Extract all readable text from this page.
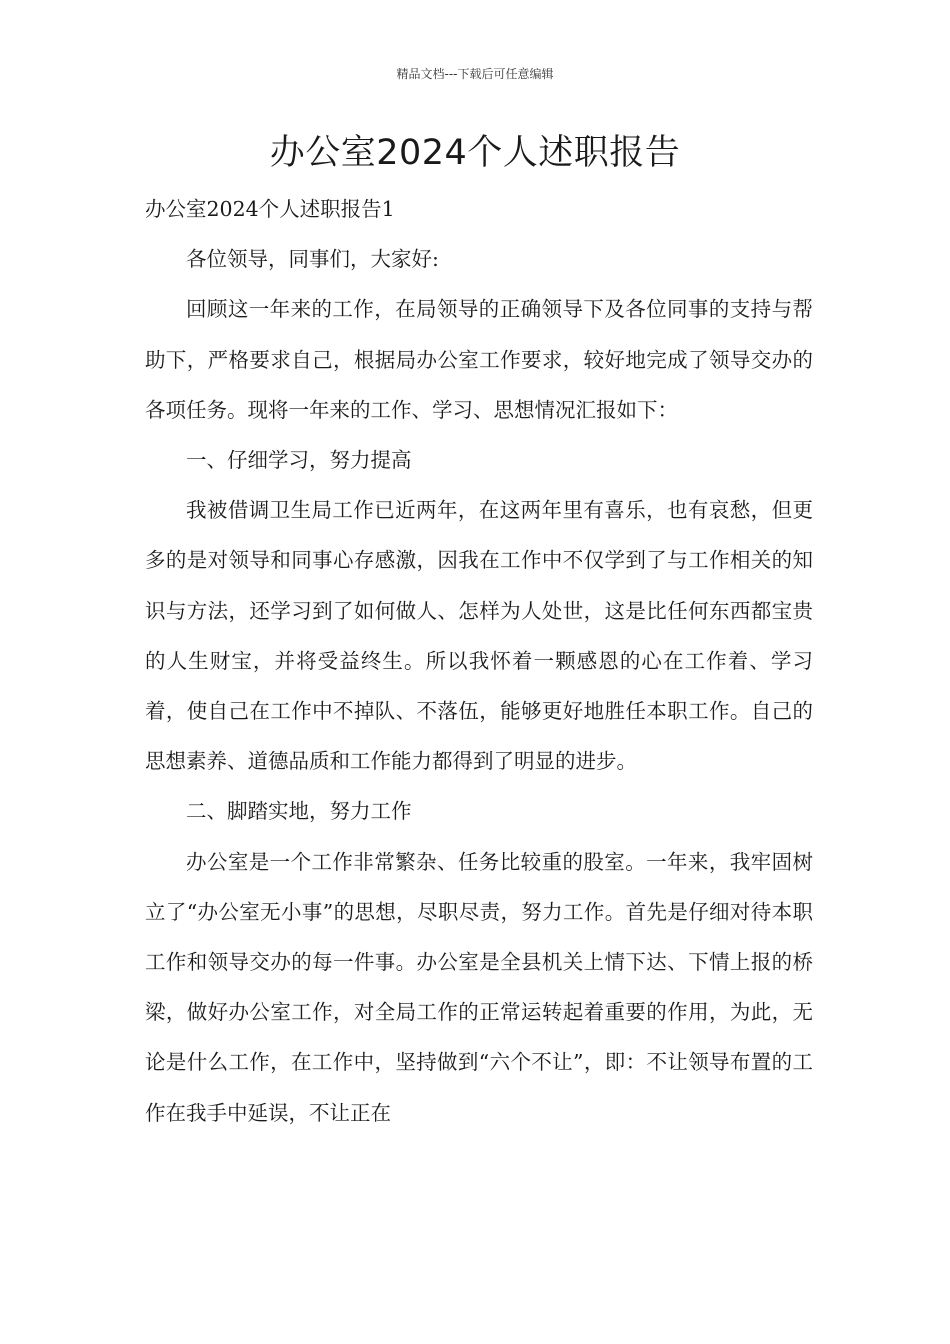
精品文档---下载后可任意编辑
办公室2024个人述职报告

办公室2024个人述职报告1

各位领导，同事们，大家好:

回顾这一年来的工作，在局领导的正确领导下及各位同事的支持与帮助下，严格要求自己，根据局办公室工作要求，较好地完成了领导交办的各项任务。现将一年来的工作、学习、思想情况汇报如下：

一、仔细学习，努力提高

我被借调卫生局工作已近两年，在这两年里有喜乐，也有哀愁，但更多的是对领导和同事心存感激，因我在工作中不仅学到了与工作相关的知识与方法，还学习到了如何做人、怎样为人处世，这是比任何东西都宝贵的人生财宝，并将受益终生。所以我怀着一颗感恩的心在工作着、学习着，使自己在工作中不掉队、不落伍，能够更好地胜任本职工作。自己的思想素养、道德品质和工作能力都得到了明显的进步。

二、脚踏实地，努力工作

办公室是一个工作非常繁杂、任务比较重的股室。一年来，我牢固树立了“办公室无小事”的思想，尽职尽责，努力工作。首先是仔细对待本职工作和领导交办的每一件事。办公室是全县机关上情下达、下情上报的桥梁，做好办公室工作，对全局工作的正常运转起着重要的作用，为此，无论是什么工作，在工作中，坚持做到“六个不让”，即：不让领导布置的工作在我手中延误，不让正在
